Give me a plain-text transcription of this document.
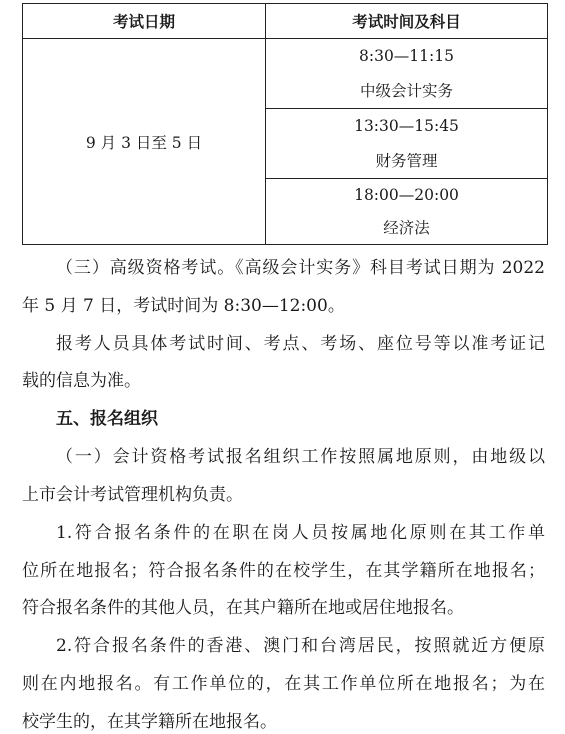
考试日期	考试时间及科目
9 月 3 日至 5 日
8:30—11:15
中级会计实务
13:30—15:45
财务管理
18:00—20:00
经济法
（三）高级资格考试。《高级会计实务》科目考试日期为 2022
年 5 月 7 日，考试时间为 8:30—12:00。
报考人员具体考试时间、考点、考场、座位号等以准考证记
载的信息为准。
五、报名组织
（一）会计资格考试报名组织工作按照属地原则，由地级以
上市会计考试管理机构负责。
1.符合报名条件的在职在岗人员按属地化原则在其工作单
位所在地报名；符合报名条件的在校学生，在其学籍所在地报名；
符合报名条件的其他人员，在其户籍所在地或居住地报名。
2.符合报名条件的香港、澳门和台湾居民，按照就近方便原
则在内地报名。有工作单位的，在其工作单位所在地报名；为在
校学生的，在其学籍所在地报名。
